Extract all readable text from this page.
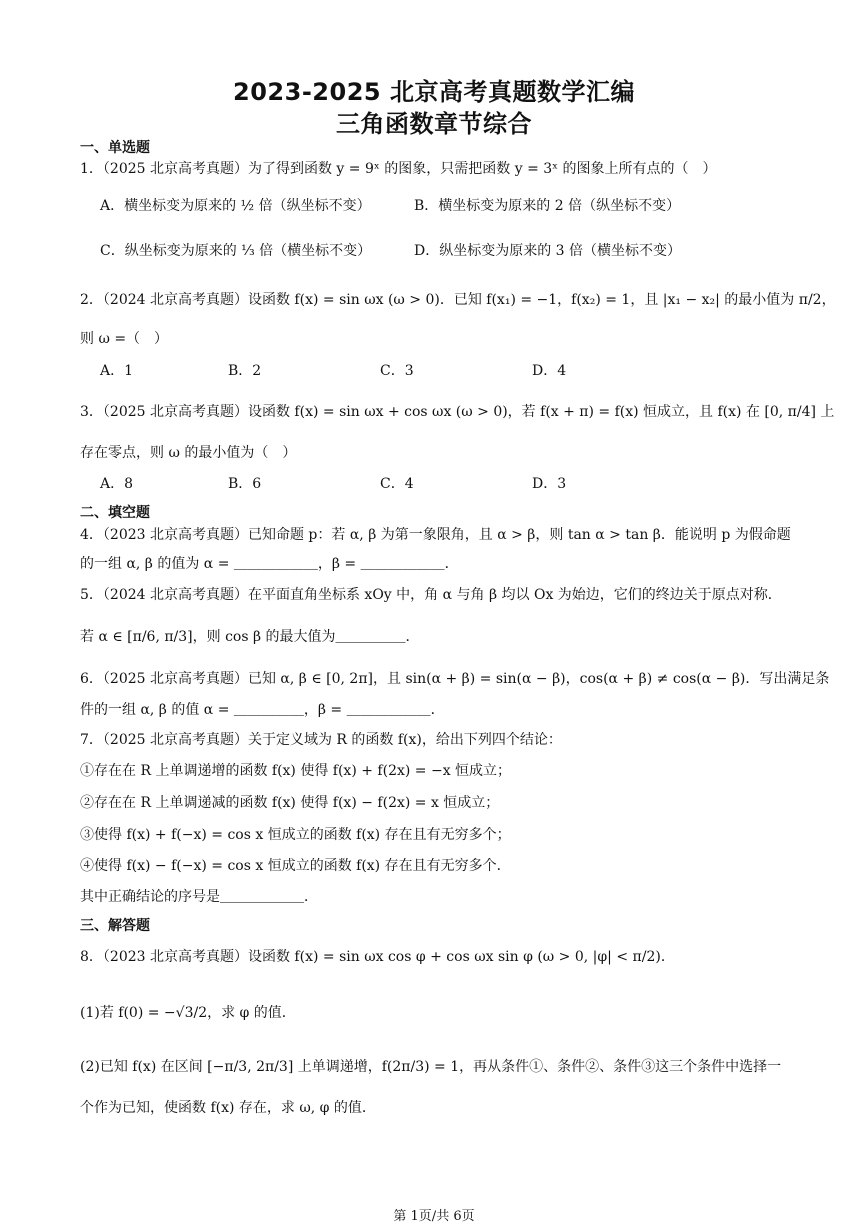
2023-2025 北京高考真题数学汇编
三角函数章节综合
一、单选题
1．（2025 北京高考真题）为了得到函数 y = 9ˣ 的图象，只需把函数 y = 3ˣ 的图象上所有点的（　）
A．横坐标变为原来的 ½ 倍（纵坐标不变）	B．横坐标变为原来的 2 倍（纵坐标不变）
C．纵坐标变为原来的 ⅓ 倍（横坐标不变）	D．纵坐标变为原来的 3 倍（横坐标不变）
2．（2024 北京高考真题）设函数 f(x) = sin ωx (ω > 0)．已知 f(x₁) = −1，f(x₂) = 1，且 |x₁ − x₂| 的最小值为 π/2，
则 ω =（　）
A．1	B．2	C．3	D．4
3．（2025 北京高考真题）设函数 f(x) = sin ωx + cos ωx (ω > 0)，若 f(x + π) = f(x) 恒成立，且 f(x) 在 [0, π/4] 上
存在零点，则 ω 的最小值为（　）
A．8	B．6	C．4	D．3
二、填空题
4．（2023 北京高考真题）已知命题 p：若 α, β 为第一象限角，且 α > β，则 tan α > tan β．能说明 p 为假命题
的一组 α, β 的值为 α = ＿＿＿＿＿＿，β = ＿＿＿＿＿＿．
5．（2024 北京高考真题）在平面直角坐标系 xOy 中，角 α 与角 β 均以 Ox 为始边，它们的终边关于原点对称．
若 α ∈ [π/6, π/3]，则 cos β 的最大值为＿＿＿＿＿．
6．（2025 北京高考真题）已知 α, β ∈ [0, 2π]，且 sin(α + β) = sin(α − β)，cos(α + β) ≠ cos(α − β)．写出满足条
件的一组 α, β 的值 α = ＿＿＿＿＿，β = ＿＿＿＿＿＿．
7．（2025 北京高考真题）关于定义域为 R 的函数 f(x)，给出下列四个结论：
①存在在 R 上单调递增的函数 f(x) 使得 f(x) + f(2x) = −x 恒成立；
②存在在 R 上单调递减的函数 f(x) 使得 f(x) − f(2x) = x 恒成立；
③使得 f(x) + f(−x) = cos x 恒成立的函数 f(x) 存在且有无穷多个；
④使得 f(x) − f(−x) = cos x 恒成立的函数 f(x) 存在且有无穷多个．
其中正确结论的序号是＿＿＿＿＿＿．
三、解答题
8．（2023 北京高考真题）设函数 f(x) = sin ωx cos φ + cos ωx sin φ (ω > 0, |φ| < π/2)．
(1)若 f(0) = −√3/2，求 φ 的值．
(2)已知 f(x) 在区间 [−π/3, 2π/3] 上单调递增，f(2π/3) = 1，再从条件①、条件②、条件③这三个条件中选择一
个作为已知，使函数 f(x) 存在，求 ω, φ 的值．
第 1页/共 6页
